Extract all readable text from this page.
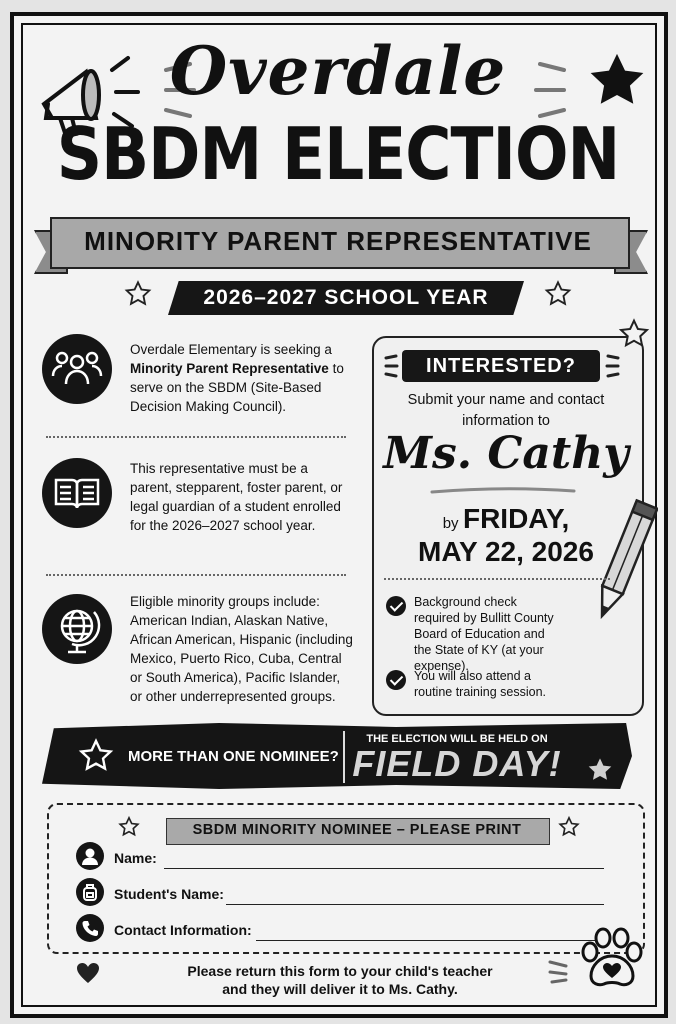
Overdale
SBDM ELECTION
MINORITY PARENT REPRESENTATIVE
2026–2027 SCHOOL YEAR
Overdale Elementary is seeking a Minority Parent Representative to serve on the SBDM (Site-Based Decision Making Council).
This representative must be a parent, stepparent, foster parent, or legal guardian of a student enrolled for the 2026–2027 school year.
Eligible minority groups include: American Indian, Alaskan Native, African American, Hispanic (including Mexico, Puerto Rico, Cuba, Central or South America), Pacific Islander, or other underrepresented groups.
INTERESTED?
Submit your name and contact information to
Ms. Cathy
by FRIDAY,
MAY 22, 2026
Background check required by Bullitt County Board of Education and the State of KY (at your expense).
You will also attend a routine training session.
MORE THAN ONE NOMINEE?
THE ELECTION WILL BE HELD ON
FIELD DAY!
SBDM MINORITY NOMINEE – PLEASE PRINT
Name:
Student's Name:
Contact Information:
Please return this form to your child's teacher
and they will deliver it to Ms. Cathy.
